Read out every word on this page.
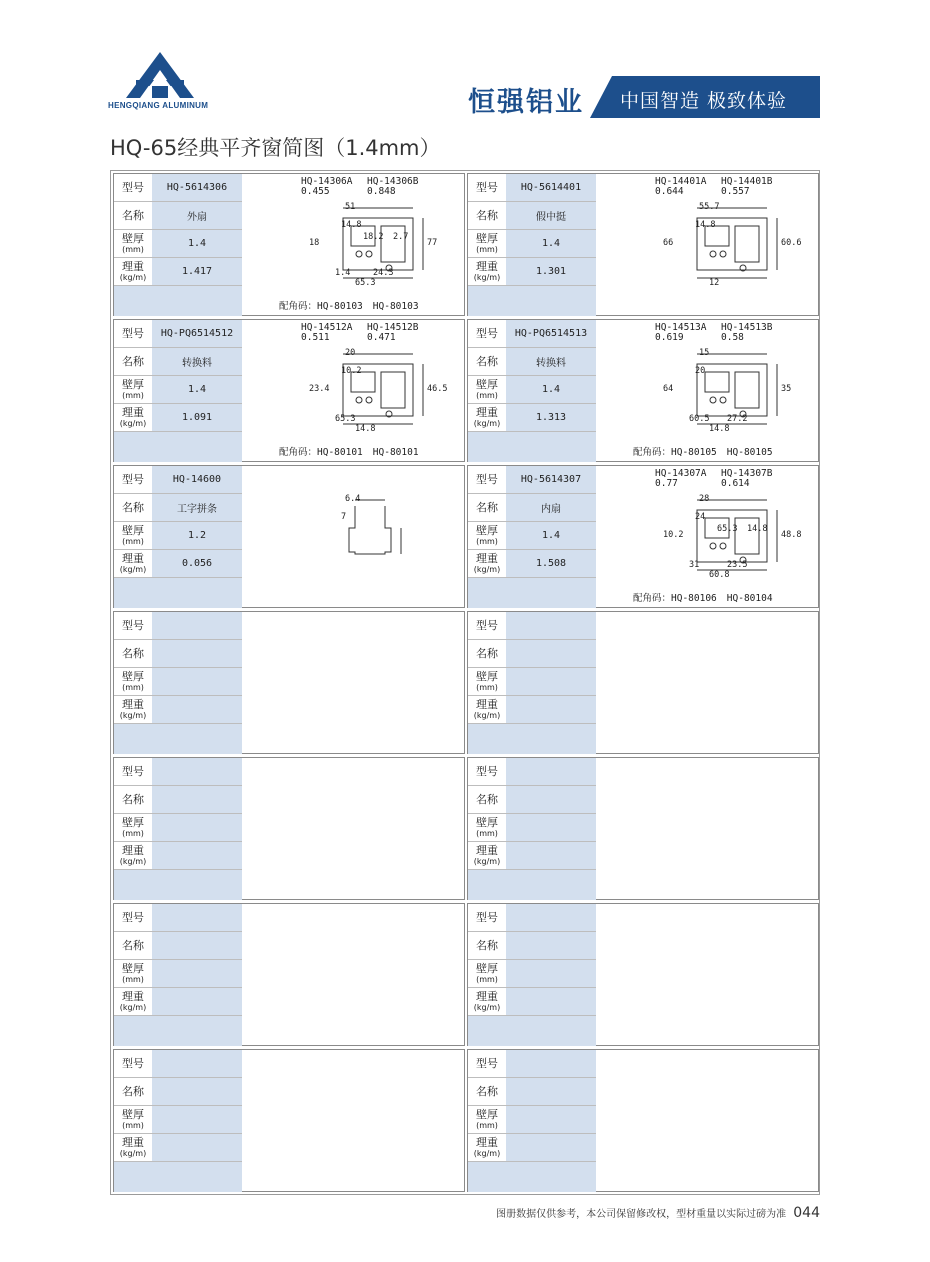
HENGQIANG ALUMINUM	恒强铝业 中国智造 极致体验
HQ-65经典平齐窗简图（1.4mm）
型号	HQ-5614306
名称	外扇
壁厚
(mm)	1.4
理重
(kg/m)	1.417
HQ-14306A
0.455
HQ-14306B
0.848
51
14.8
18	77
65.3
1.4	24.3
2.7
18.2
配角码：HQ-80103 HQ-80103
型号	HQ-5614401
名称	假中挺
壁厚
(mm)	1.4
理重
(kg/m)	1.301
HQ-14401A
0.644
HQ-14401B
0.557
55.7
14.8
66	60.6
12
型号	HQ-PQ6514512
名称	转换料
壁厚
(mm)	1.4
理重
(kg/m)	1.091
HQ-14512A
0.511
HQ-14512B
0.471
20
10.2
23.4	46.5
14.8
65.3
配角码：HQ-80101 HQ-80101
型号	HQ-PQ6514513
名称	转换料
壁厚
(mm)	1.4
理重
(kg/m)	1.313
HQ-14513A
0.619
HQ-14513B
0.58
15
20
64	35
14.8
60.5 27.2
配角码：HQ-80105 HQ-80105
型号	HQ-14600
名称	工字拼条
壁厚
(mm)	1.2
理重
(kg/m)	0.056
6.4
7
型号	HQ-5614307
名称	内扇
壁厚
(mm)	1.4
理重
(kg/m)	1.508
HQ-14307A
0.77
HQ-14307B
0.614
28
24
10.2	48.8
60.8
31	23.5
14.8
65.3
配角码：HQ-80106 HQ-80104
型号
名称
壁厚
(mm)
理重
(kg/m)
型号
名称
壁厚
(mm)
理重
(kg/m)
型号
名称
壁厚
(mm)
理重
(kg/m)
型号
名称
壁厚
(mm)
理重
(kg/m)
型号
名称
壁厚
(mm)
理重
(kg/m)
型号
名称
壁厚
(mm)
理重
(kg/m)
型号
名称
壁厚
(mm)
理重
(kg/m)
型号
名称
壁厚
(mm)
理重
(kg/m)
图册数据仅供参考，本公司保留修改权，型材重量以实际过磅为准 044
